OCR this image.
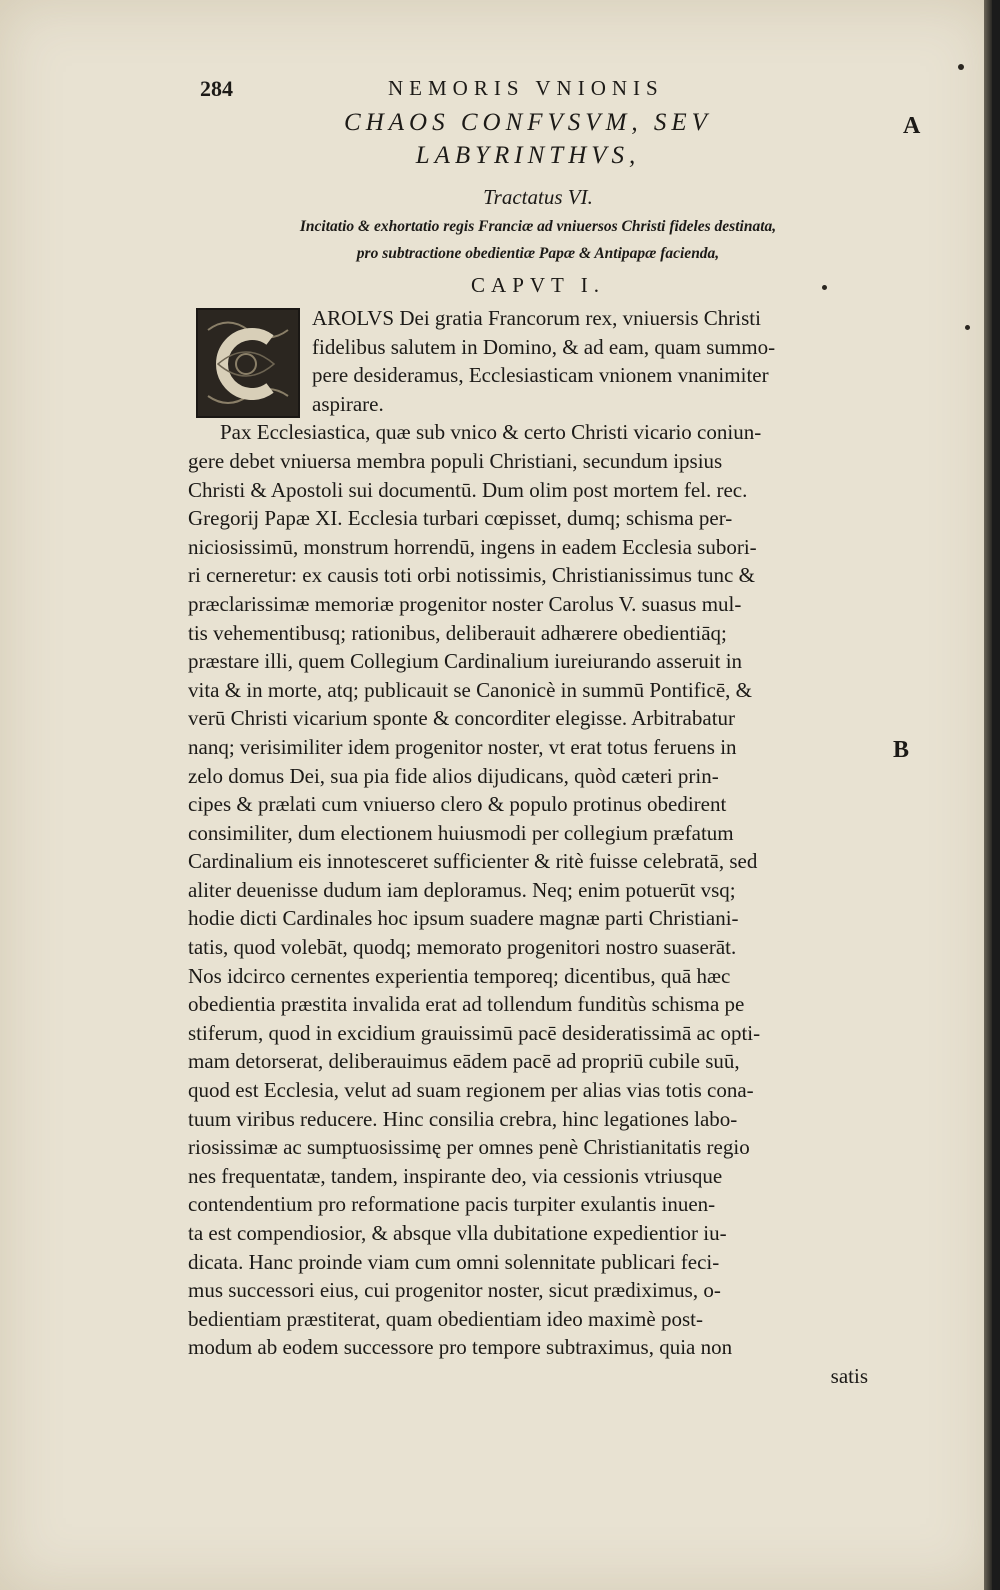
A
B
284	NEMORIS VNIONIS
CHAOS CONFVSVM, SEV
LABYRINTHVS,
Tractatus VI.
Incitatio & exhortatio regis Franciæ ad vniuersos Christi fideles destinata,
pro subtractione obedientiæ Papæ & Antipapæ facienda,
CAPVT I.
AROLVS Dei gratia Francorum rex, vniuersis Christi
fidelibus salutem in Domino, & ad eam, quam summo-
pere desideramus, Ecclesiasticam vnionem vnanimiter
aspirare.
Pax Ecclesiastica, quæ sub vnico & certo Christi vicario coniun-
gere debet vniuersa membra populi Christiani, secundum ipsius
Christi & Apostoli sui documentū. Dum olim post mortem fel. rec.
Gregorij Papæ XI. Ecclesia turbari cœpisset, dumq; schisma per-
niciosissimū, monstrum horrendū, ingens in eadem Ecclesia subori-
ri cerneretur: ex causis toti orbi notissimis, Christianissimus tunc &
præclarissimæ memoriæ progenitor noster Carolus V. suasus mul-
tis vehementibusq; rationibus, deliberauit adhærere obedientiāq;
præstare illi, quem Collegium Cardinalium iureiurando asseruit in
vita & in morte, atq; publicauit se Canonicè in summū Pontificē, &
verū Christi vicarium sponte & concorditer elegisse. Arbitrabatur
nanq; verisimiliter idem progenitor noster, vt erat totus feruens in
zelo domus Dei, sua pia fide alios dijudicans, quòd cæteri prin-
cipes & prælati cum vniuerso clero & populo protinus obedirent
consimiliter, dum electionem huiusmodi per collegium præfatum
Cardinalium eis innotesceret sufficienter & ritè fuisse celebratā, sed
aliter deuenisse dudum iam deploramus. Neq; enim potuerūt vsq;
hodie dicti Cardinales hoc ipsum suadere magnæ parti Christiani-
tatis, quod volebāt, quodq; memorato progenitori nostro suaserāt.
Nos idcirco cernentes experientia temporeq; dicentibus, quā hæc
obedientia præstita invalida erat ad tollendum funditùs schisma pe
stiferum, quod in excidium grauissimū pacē desideratissimā ac opti-
mam detorserat, deliberauimus eādem pacē ad propriū cubile suū,
quod est Ecclesia, velut ad suam regionem per alias vias totis cona-
tuum viribus reducere. Hinc consilia crebra, hinc legationes labo-
riosissimæ ac sumptuosissimę per omnes penè Christianitatis regio
nes frequentatæ, tandem, inspirante deo, via cessionis vtriusque
contendentium pro reformatione pacis turpiter exulantis inuen-
ta est compendiosior, & absque vlla dubitatione expedientior iu-
dicata. Hanc proinde viam cum omni solennitate publicari feci-
mus successori eius, cui progenitor noster, sicut prædiximus, o-
bedientiam præstiterat, quam obedientiam ideo maximè post-
modum ab eodem successore pro tempore subtraximus, quia non
satis
